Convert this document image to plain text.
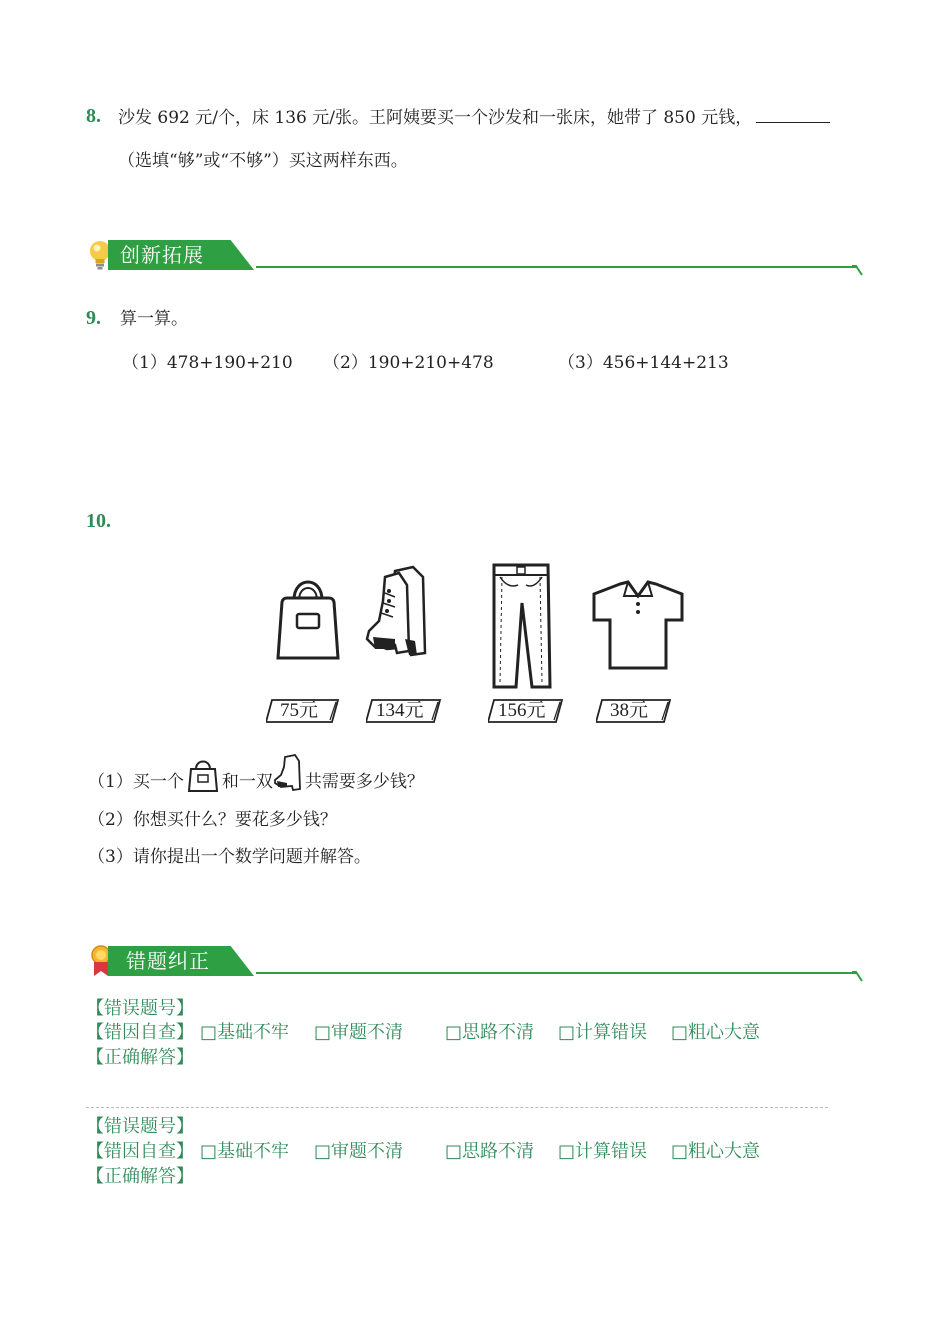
8. 沙发 692 元/个，床 136 元/张。王阿姨要买一个沙发和一张床，她带了 850 元钱，
（选填“够”或“不够”）买这两样东西。
创新拓展
9. 算一算。
（1）478+190+210 （2）190+210+478	（3）456+144+213
10.
75元	134元	156元	38元
（1）买一个 和一双 共需要多少钱？
（2）你想买什么？要花多少钱？
（3）请你提出一个数学问题并解答。
错题纠正
【错误题号】
【错因自查】 □基础不牢 □审题不清 □思路不清 □计算错误 □粗心大意
【正确解答】
【错误题号】
【错因自查】 □基础不牢 □审题不清 □思路不清 □计算错误 □粗心大意
【正确解答】
